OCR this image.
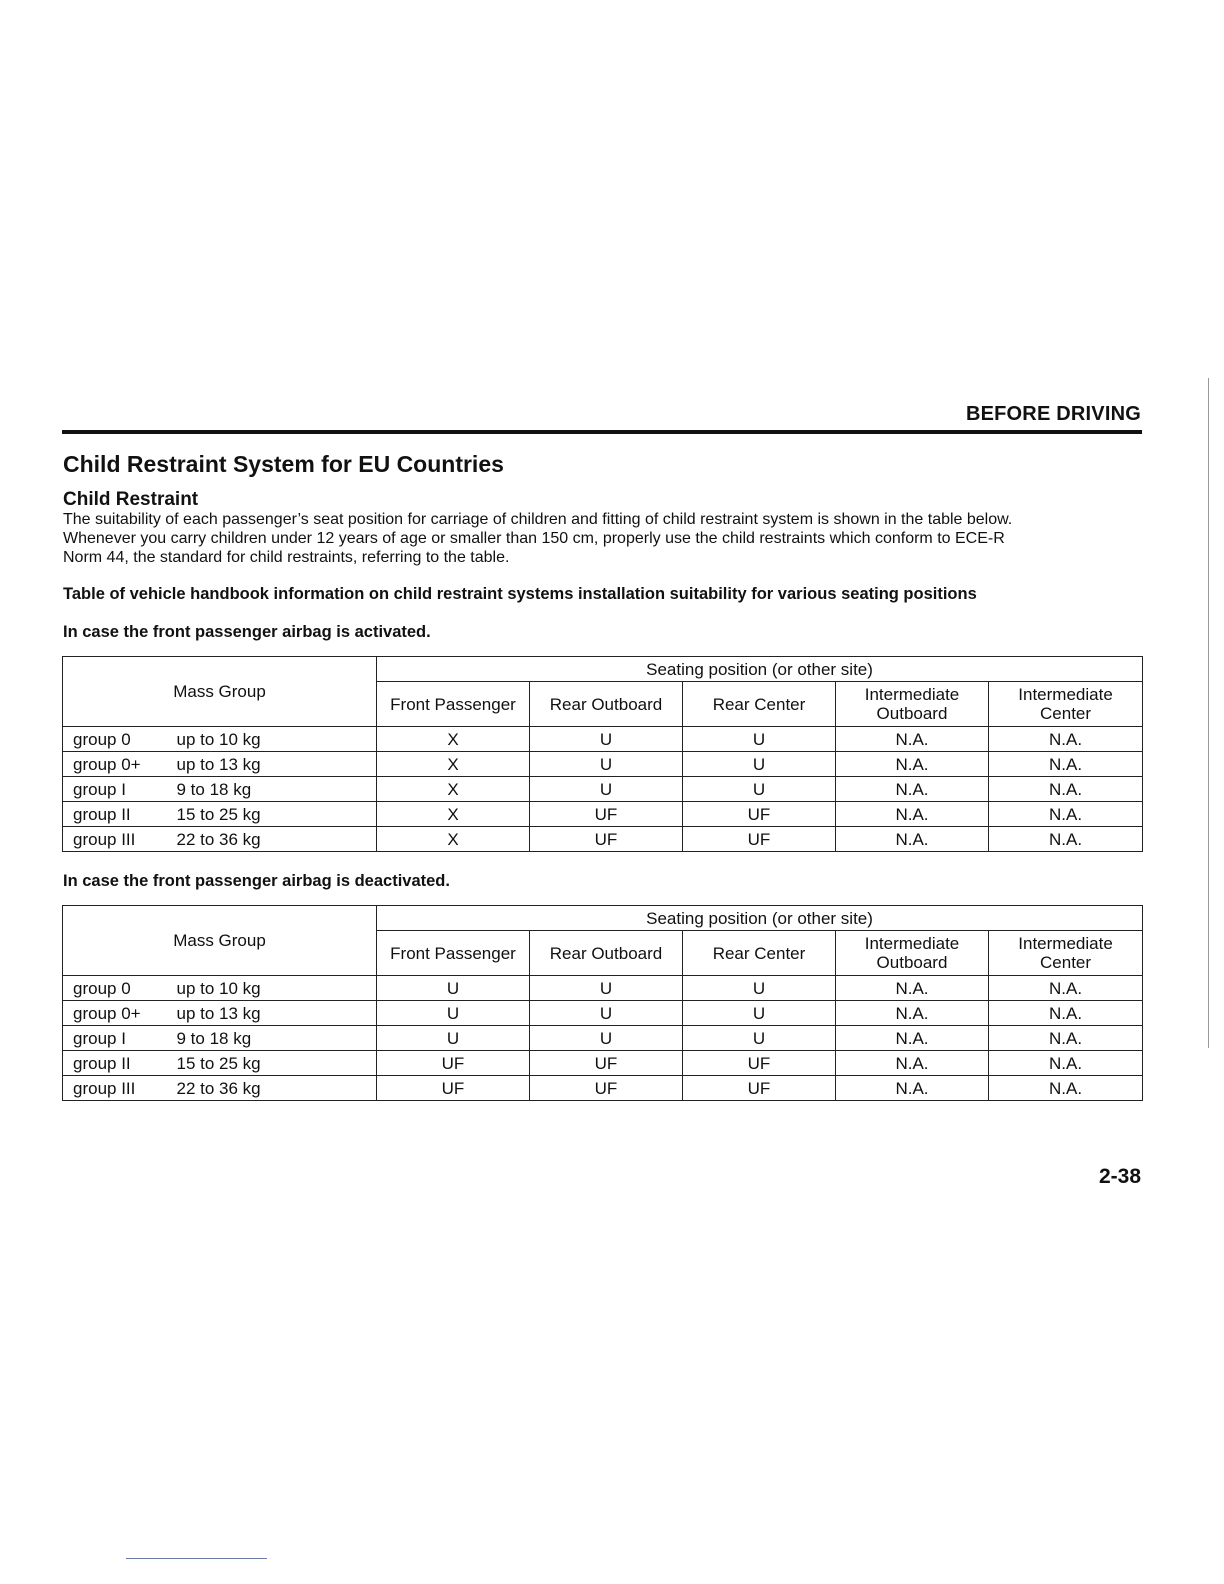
BEFORE DRIVING
Child Restraint System for EU Countries
Child Restraint
The suitability of each passenger’s seat position for carriage of children and fitting of child restraint system is shown in the table below.
Whenever you carry children under 12 years of age or smaller than 150 cm, properly use the child restraints which conform to ECE-R
Norm 44, the standard for child restraints, referring to the table.
Table of vehicle handbook information on child restraint systems installation suitability for various seating positions
In case the front passenger airbag is activated.
Mass Group		Seating position (or other site)				
		Front Passenger	Rear Outboard	Rear Center	Intermediate
Outboard	Intermediate
Center
group 0	up to 10 kg	X	U	U	N.A.	N.A.
group 0+	up to 13 kg	X	U	U	N.A.	N.A.
group I	9 to 18 kg	X	U	U	N.A.	N.A.
group II	15 to 25 kg	X	UF	UF	N.A.	N.A.
group III	22 to 36 kg	X	UF	UF	N.A.	N.A.
In case the front passenger airbag is deactivated.
Mass Group		Seating position (or other site)				
		Front Passenger	Rear Outboard	Rear Center	Intermediate
Outboard	Intermediate
Center
group 0	up to 10 kg	U	U	U	N.A.	N.A.
group 0+	up to 13 kg	U	U	U	N.A.	N.A.
group I	9 to 18 kg	U	U	U	N.A.	N.A.
group II	15 to 25 kg	UF	UF	UF	N.A.	N.A.
group III	22 to 36 kg	UF	UF	UF	N.A.	N.A.
2-38
